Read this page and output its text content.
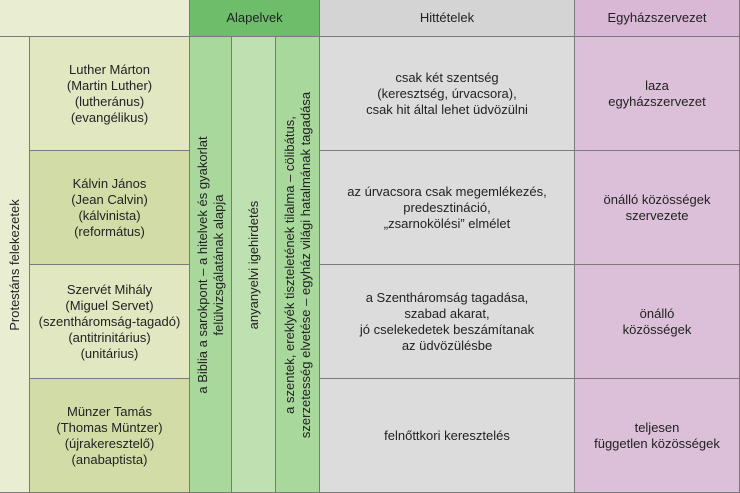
Alapelvek	Hittételek	Egyházszervezet
Protestáns felekezetek
Luther Márton
(Martin Luther)
(lutheránus)
(evangélikus)
Kálvin János
(Jean Calvin)
(kálvinista)
(református)
Szervét Mihály
(Miguel Servet)
(szentháromság-tagadó)
(antitrinitárius)
(unitárius)
Münzer Tamás
(Thomas Müntzer)
(újrakeresztelő)
(anabaptista)
a Biblia a sarokpont – a hitelvek és gyakorlat
felülvizsgálatának alapja anyanyelvi igehirdetés
a szentek, ereklyék tiszteletének tilalma – cölibátus,
szerzetesség elvetése – egyház világi hatalmának tagadása
csak két szentség
(keresztség, úrvacsora),
csak hit által lehet üdvözülni
az úrvacsora csak megemlékezés,
predesztináció,
„zsarnokölési” elmélet
a Szentháromság tagadása,
szabad akarat,
jó cselekedetek beszámítanak
az üdvözülésbe
felnőttkori keresztelés
laza
egyházszervezet
önálló közösségek
szervezete
önálló
közösségek
teljesen
független közösségek
